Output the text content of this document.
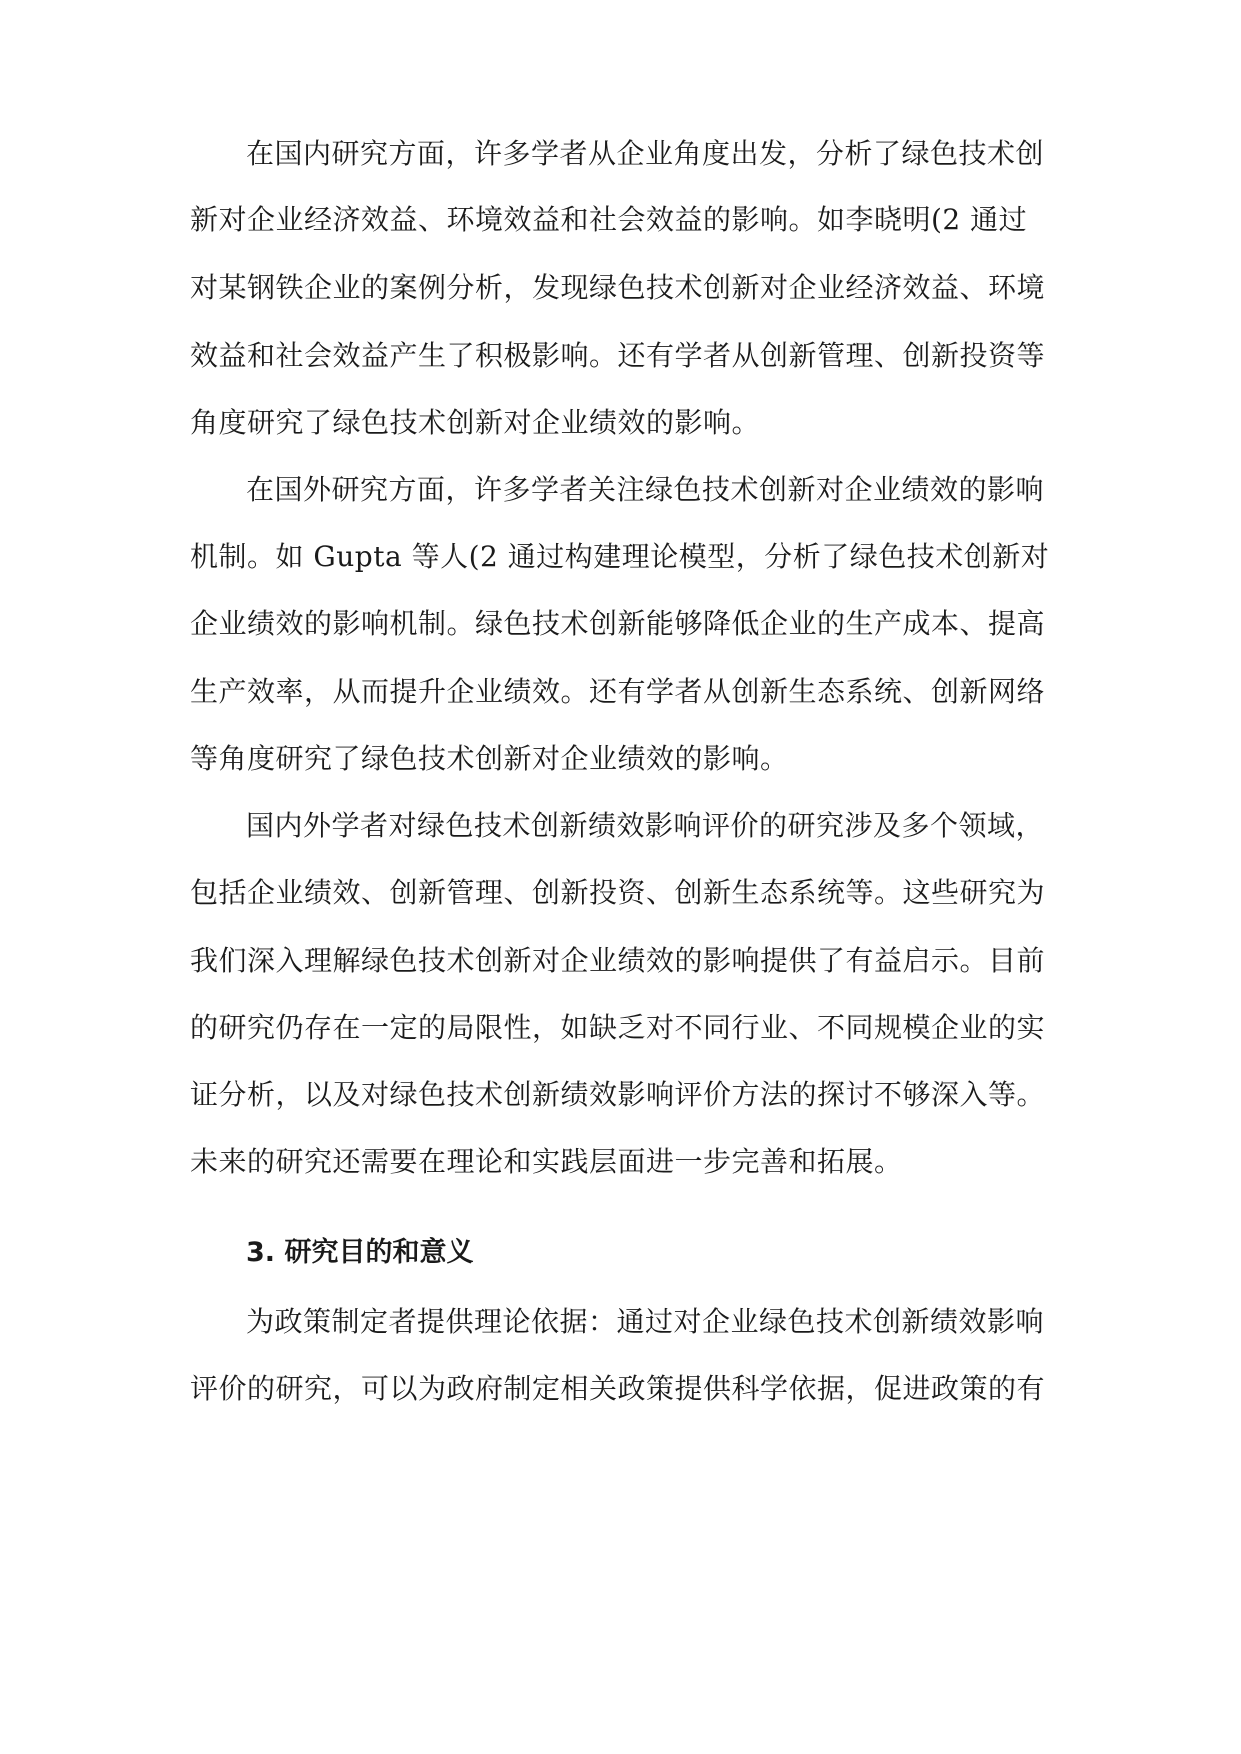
在国内研究方面，许多学者从企业角度出发，分析了绿色技术创
新对企业经济效益、环境效益和社会效益的影响。如李晓明(2 通过
对某钢铁企业的案例分析，发现绿色技术创新对企业经济效益、环境
效益和社会效益产生了积极影响。还有学者从创新管理、创新投资等
角度研究了绿色技术创新对企业绩效的影响。
在国外研究方面，许多学者关注绿色技术创新对企业绩效的影响
机制。如 Gupta 等人(2 通过构建理论模型，分析了绿色技术创新对
企业绩效的影响机制。绿色技术创新能够降低企业的生产成本、提高
生产效率，从而提升企业绩效。还有学者从创新生态系统、创新网络
等角度研究了绿色技术创新对企业绩效的影响。
国内外学者对绿色技术创新绩效影响评价的研究涉及多个领域，
包括企业绩效、创新管理、创新投资、创新生态系统等。这些研究为
我们深入理解绿色技术创新对企业绩效的影响提供了有益启示。目前
的研究仍存在一定的局限性，如缺乏对不同行业、不同规模企业的实
证分析，以及对绿色技术创新绩效影响评价方法的探讨不够深入等。
未来的研究还需要在理论和实践层面进一步完善和拓展。
3. 研究目的和意义
为政策制定者提供理论依据：通过对企业绿色技术创新绩效影响
评价的研究，可以为政府制定相关政策提供科学依据，促进政策的有
